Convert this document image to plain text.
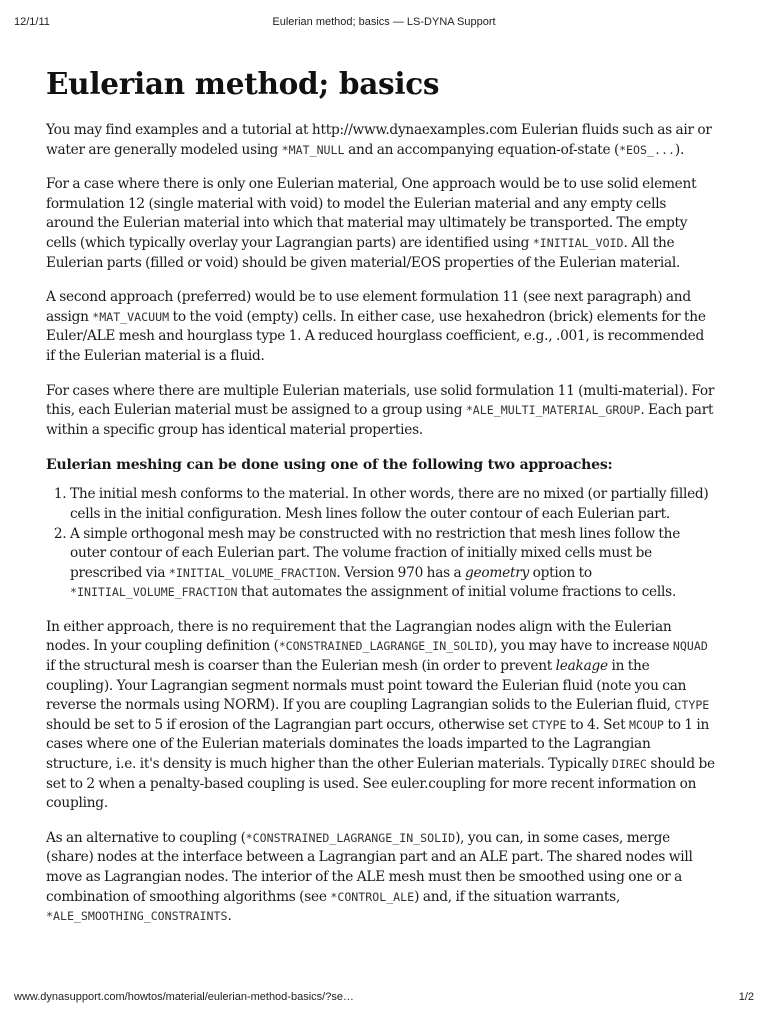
12/1/11	Eulerian method; basics — LS-DYNA Support
Eulerian method; basics

You may find examples and a tutorial at http://www.dynaexamples.com Eulerian fluids such as air or water are generally modeled using *MAT_NULL and an accompanying equation-of-state (*EOS_...).

For a case where there is only one Eulerian material, One approach would be to use solid element formulation 12 (single material with void) to model the Eulerian material and any empty cells around the Eulerian material into which that material may ultimately be transported. The empty cells (which typically overlay your Lagrangian parts) are identified using *INITIAL_VOID. All the Eulerian parts (filled or void) should be given material/EOS properties of the Eulerian material.

A second approach (preferred) would be to use element formulation 11 (see next paragraph) and assign *MAT_VACUUM to the void (empty) cells. In either case, use hexahedron (brick) elements for the Euler/ALE mesh and hourglass type 1. A reduced hourglass coefficient, e.g., .001, is recommended if the Eulerian material is a fluid.

For cases where there are multiple Eulerian materials, use solid formulation 11 (multi-material). For this, each Eulerian material must be assigned to a group using *ALE_MULTI_MATERIAL_GROUP. Each part within a specific group has identical material properties.

Eulerian meshing can be done using one of the following two approaches:
1. The initial mesh conforms to the material. In other words, there are no mixed (or partially filled) cells in the initial configuration. Mesh lines follow the outer contour of each Eulerian part.
2. A simple orthogonal mesh may be constructed with no restriction that mesh lines follow the outer contour of each Eulerian part. The volume fraction of initially mixed cells must be prescribed via *INITIAL_VOLUME_FRACTION. Version 970 has a geometry option to *INITIAL_VOLUME_FRACTION that automates the assignment of initial volume fractions to cells.

In either approach, there is no requirement that the Lagrangian nodes align with the Eulerian nodes. In your coupling definition (*CONSTRAINED_LAGRANGE_IN_SOLID), you may have to increase NQUAD if the structural mesh is coarser than the Eulerian mesh (in order to prevent leakage in the coupling). Your Lagrangian segment normals must point toward the Eulerian fluid (note you can reverse the normals using NORM). If you are coupling Lagrangian solids to the Eulerian fluid, CTYPE should be set to 5 if erosion of the Lagrangian part occurs, otherwise set CTYPE to 4. Set MCOUP to 1 in cases where one of the Eulerian materials dominates the loads imparted to the Lagrangian structure, i.e. it's density is much higher than the other Eulerian materials. Typically DIREC should be set to 2 when a penalty-based coupling is used. See euler.coupling for more recent information on coupling.

As an alternative to coupling (*CONSTRAINED_LAGRANGE_IN_SOLID), you can, in some cases, merge (share) nodes at the interface between a Lagrangian part and an ALE part. The shared nodes will move as Lagrangian nodes. The interior of the ALE mesh must then be smoothed using one or a combination of smoothing algorithms (see *CONTROL_ALE) and, if the situation warrants, *ALE_SMOOTHING_CONSTRAINTS.

www.dynasupport.com/howtos/material/eulerian-method-basics/?se…	1/2
